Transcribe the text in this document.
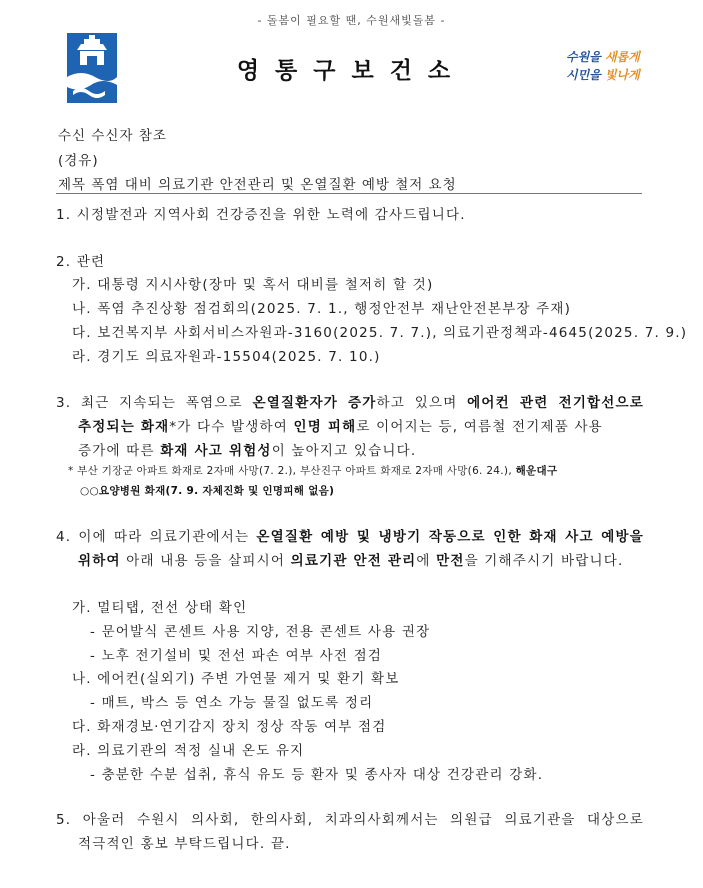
- 돌봄이 필요할 땐, 수원새빛돌봄 -
영통구보건소
수원을 새롭게
시민을 빛나게
수신 수신자 참조
(경유)
제목 폭염 대비 의료기관 안전관리 및 온열질환 예방 철저 요청
1. 시정발전과 지역사회 건강증진을 위한 노력에 감사드립니다.
2. 관련
가. 대통령 지시사항(장마 및 혹서 대비를 철저히 할 것)
나. 폭염 추진상황 점검회의(2025. 7. 1., 행정안전부 재난안전본부장 주재)
다. 보건복지부 사회서비스자원과-3160(2025. 7. 7.), 의료기관정책과-4645(2025. 7. 9.)
라. 경기도 의료자원과-15504(2025. 7. 10.)
3. 최근 지속되는 폭염으로 온열질환자가 증가하고 있으며 에어컨 관련 전기합선으로
추정되는 화재*가 다수 발생하여 인명 피해로 이어지는 등, 여름철 전기제품 사용
증가에 따른 화재 사고 위험성이 높아지고 있습니다.
* 부산 기장군 아파트 화재로 2자매 사망(7. 2.), 부산진구 아파트 화재로 2자매 사망(6. 24.), 해운대구
○○요양병원 화재(7. 9. 자체진화 및 인명피해 없음)
4. 이에 따라 의료기관에서는 온열질환 예방 및 냉방기 작동으로 인한 화재 사고 예방을
위하여 아래 내용 등을 살피시어 의료기관 안전 관리에 만전을 기해주시기 바랍니다.
가. 멀티탭, 전선 상태 확인
- 문어발식 콘센트 사용 지양, 전용 콘센트 사용 권장
- 노후 전기설비 및 전선 파손 여부 사전 점검
나. 에어컨(실외기) 주변 가연물 제거 및 환기 확보
- 매트, 박스 등 연소 가능 물질 없도록 정리
다. 화재경보·연기감지 장치 정상 작동 여부 점검
라. 의료기관의 적정 실내 온도 유지
- 충분한 수분 섭취, 휴식 유도 등 환자 및 종사자 대상 건강관리 강화.
5. 아울러 수원시 의사회, 한의사회, 치과의사회께서는 의원급 의료기관을 대상으로
적극적인 홍보 부탁드립니다. 끝.
